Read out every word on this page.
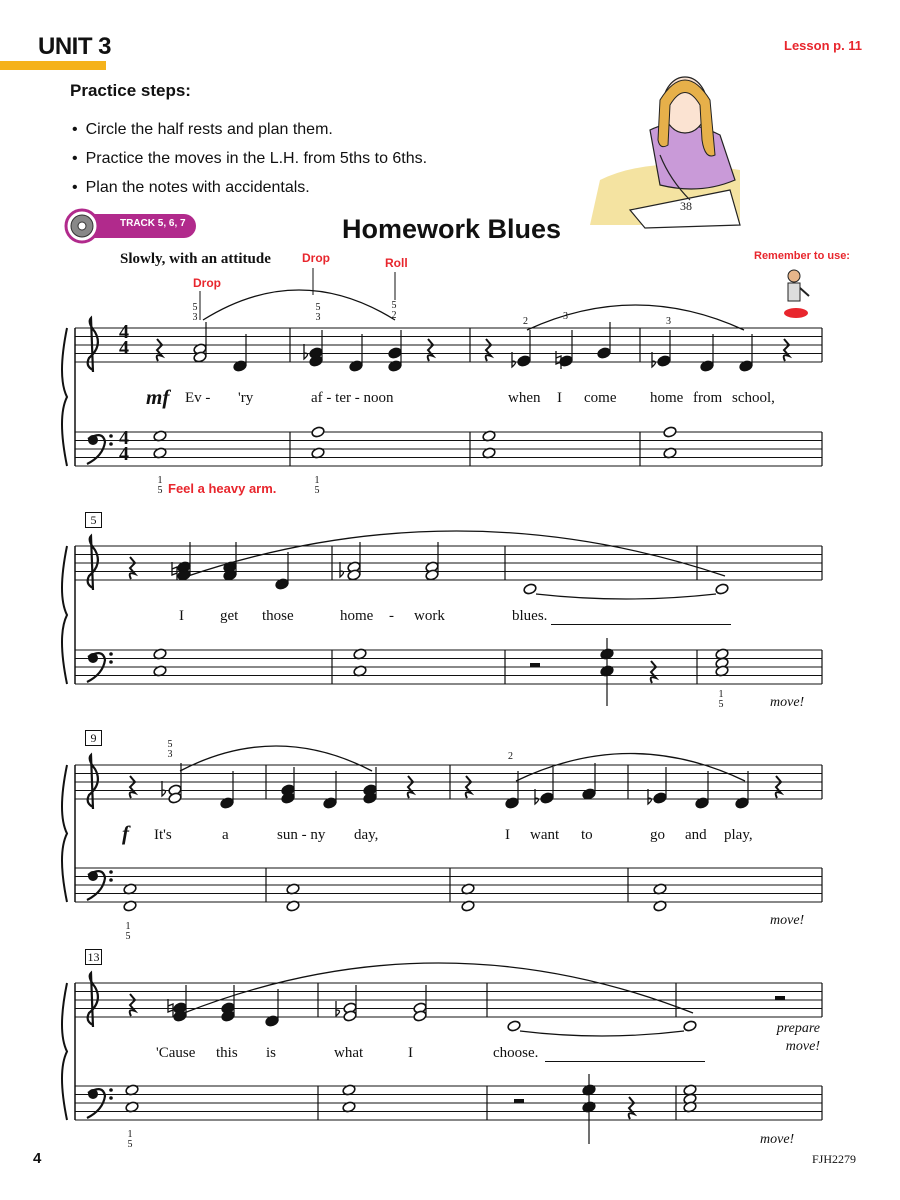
UNIT 3	Lesson p. 11
Practice steps:
• Circle the half rests and plan them.
• Practice the moves in the L.H. from 5ths to 6ths.
• Plan the notes with accidentals.
TRACK 5, 6, 7	Homework Blues
Slowly, with an attitude
38
Remember to use:
Drop
Drop	Roll
Feel a heavy arm.
mf
f
5
9
13
4
4
4
4
5 3
5 3
5 2
2	3	3
1 5
1 5
1 5
5 3	2
1 5
1 5
move!
move!
prepare
move!
move!
Ev - 'ry	af - ter - noon	when I come home from school,
I get those	home - work	blues.
It's	a	sun - ny day,	I want to	go and play,
'Cause this is	what	I	choose.
4	FJH2279
